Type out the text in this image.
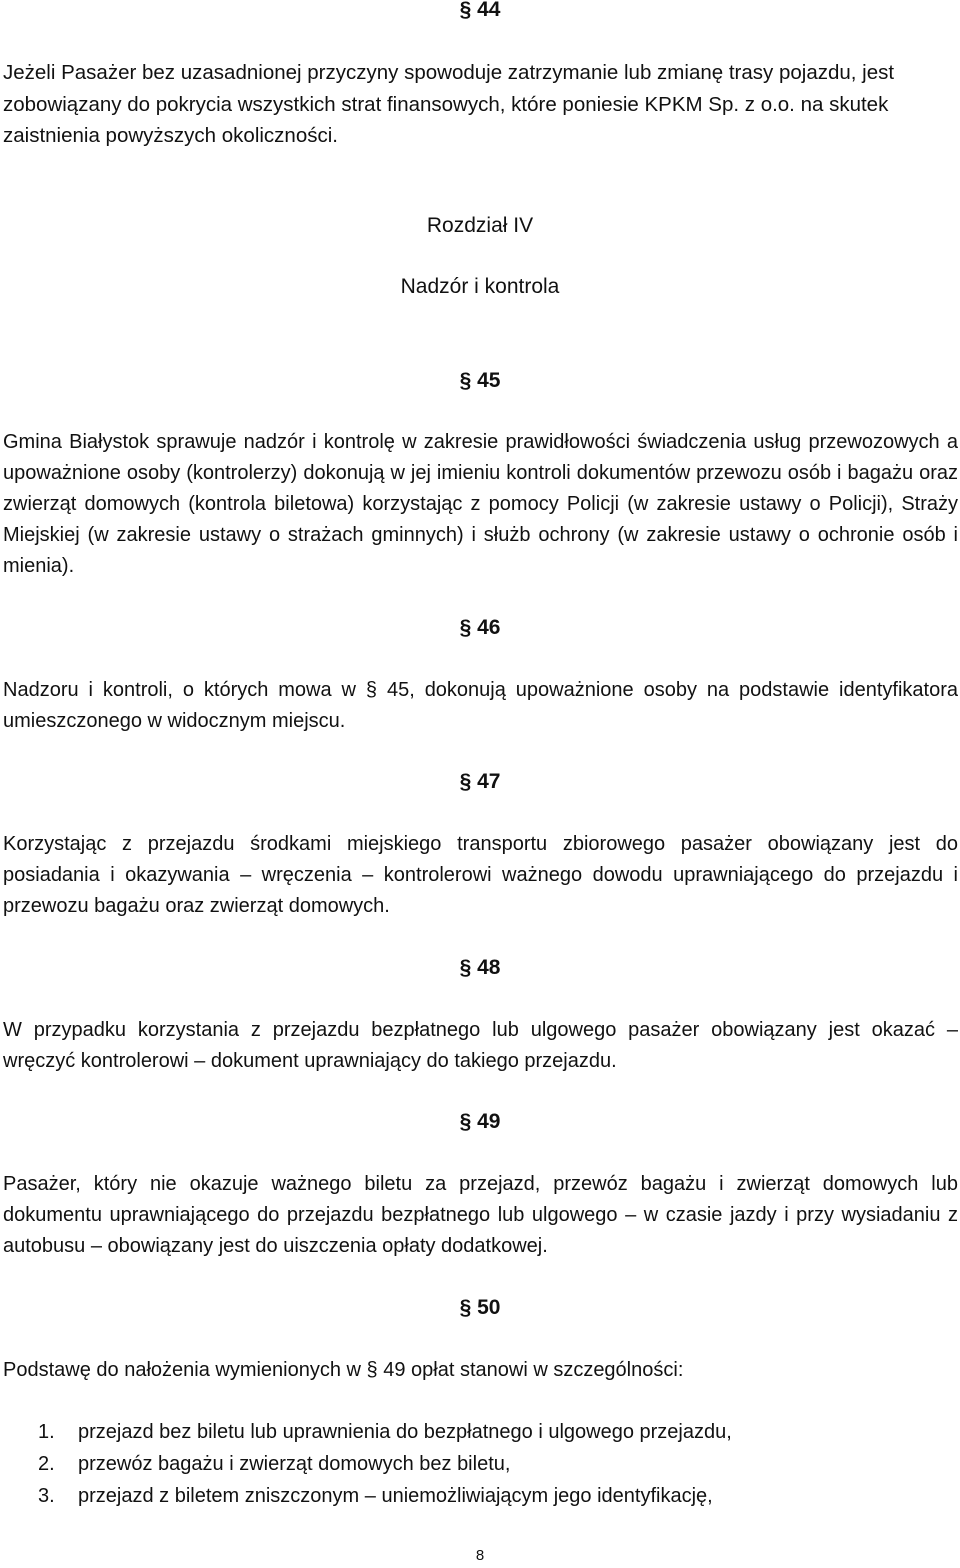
§ 44

Jeżeli Pasażer bez uzasadnionej przyczyny spowoduje zatrzymanie lub zmianę trasy pojazdu, jest zobowiązany do pokrycia wszystkich strat finansowych, które poniesie KPKM Sp. z o.o. na skutek zaistnienia powyższych okoliczności.

Rozdział IV

Nadzór i kontrola

§ 45

Gmina Białystok sprawuje nadzór i kontrolę w zakresie prawidłowości świadczenia usług przewozowych a upoważnione osoby (kontrolerzy) dokonują w jej imieniu kontroli dokumentów przewozu osób i bagażu oraz zwierząt domowych (kontrola biletowa) korzystając z pomocy Policji (w zakresie ustawy o Policji), Straży Miejskiej (w zakresie ustawy o strażach gminnych) i służb ochrony (w zakresie ustawy o ochronie osób i mienia).

§ 46

Nadzoru i kontroli, o których mowa w § 45, dokonują upoważnione osoby na podstawie identyfikatora umieszczonego w widocznym miejscu.

§ 47

Korzystając z przejazdu środkami miejskiego transportu zbiorowego pasażer obowiązany jest do posiadania i okazywania – wręczenia – kontrolerowi ważnego dowodu uprawniającego do przejazdu i przewozu bagażu oraz zwierząt domowych.

§ 48

W przypadku korzystania z przejazdu bezpłatnego lub ulgowego pasażer obowiązany jest okazać – wręczyć kontrolerowi – dokument uprawniający do takiego przejazdu.

§ 49

Pasażer, który nie okazuje ważnego biletu za przejazd, przewóz bagażu i zwierząt domowych lub dokumentu uprawniającego do przejazdu bezpłatnego lub ulgowego – w czasie jazdy i przy wysiadaniu z autobusu – obowiązany jest do uiszczenia opłaty dodatkowej.

§ 50

Podstawę do nałożenia wymienionych w § 49 opłat stanowi w szczególności:

1.	przejazd bez biletu lub uprawnienia do bezpłatnego i ulgowego przejazdu,
2.	przewóz bagażu i zwierząt domowych bez biletu,
3.	przejazd z biletem zniszczonym – uniemożliwiającym jego identyfikację,

8
